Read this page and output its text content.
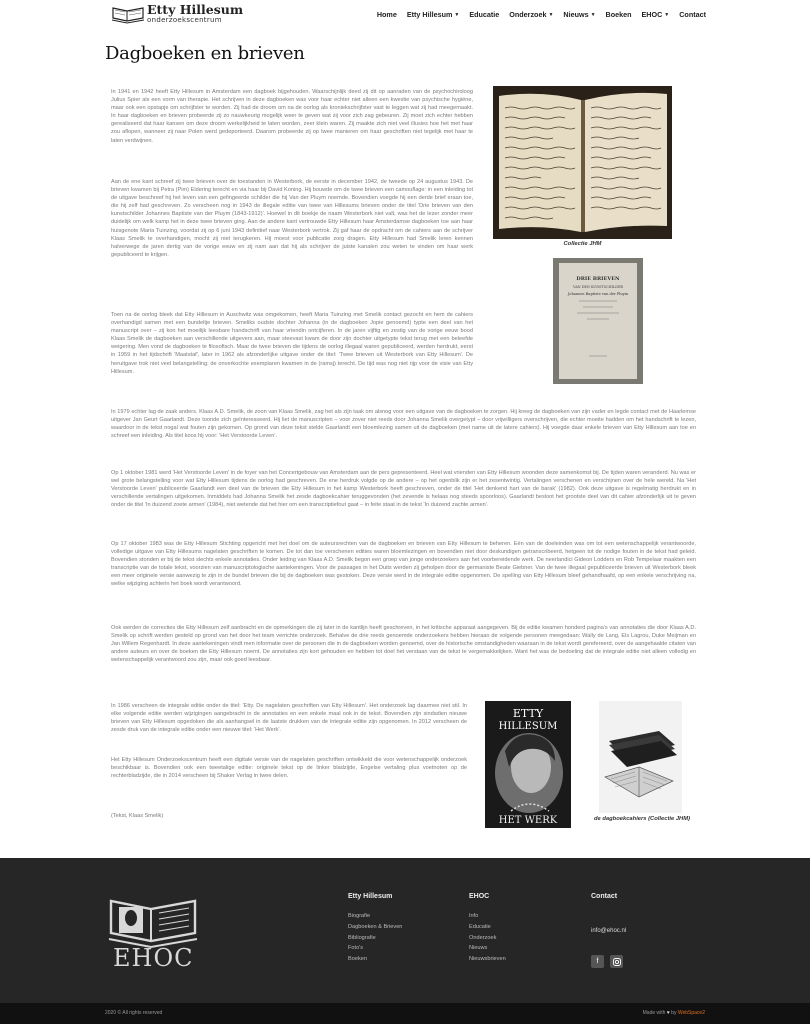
Etty Hillesum
onderzoekscentrum
Home Etty Hillesum ▼ Educatie Onderzoek ▼ Nieuws ▼ Boeken EHOC ▼ Contact
Dagboeken en brieven

In 1941 en 1942 heeft Etty Hillesum in Amsterdam een dagboek bijgehouden. Waarschijnlijk deed zij dit op aanraden van de psychochiroloog Julius Spier als een vorm van therapie. Het schrijven in deze dagboeken was voor haar echter niet alleen een kwestie van psychische hygiëne, maar ook een opstapje om schrijfster te worden. Zij had de droom om na de oorlog als kroniekschrijfster vast te leggen wat zij had meegemaakt. In haar dagboeken en brieven probeerde zij zo nauwkeurig mogelijk weer te geven wat zij voor zich zag gebeuren. Zij moet zich echter hebben gerealiseerd dat haar kansen om deze droom werkelijkheid te laten worden, zeer klein waren. Zij maakte zich niet veel illusies hoe het met haar zou aflopen, wanneer zij naar Polen werd gedeporteerd. Daarom probeerde zij op twee manieren om haar geschriften niet tegelijk met haar te laten verdwijnen.

Aan de ene kant schreef zij twee brieven over de toestanden in Westerbork, de eerste in december 1942, de tweede op 24 augustus 1943. De brieven kwamen bij Petra (Pim) Eldering terecht en via haar bij David Koning. Hij bouwde om de twee brieven een camouflage: in een inleiding tot de uitgave beschreef hij het leven van een gefingeerde schilder die hij Van der Pluym noemde. Bovendien voegde hij een derde brief eraan toe, die hij zelf had geschreven. Zo verscheen nog in 1943 de illegale editie van twee van Hillesums brieven onder de titel 'Drie brieven van den kunstschilder Johannes Baptiste van der Pluym (1843-1912)'. Hoewel in dit boekje de naam Westerbork niet valt, was het de lezer zonder meer duidelijk om welk kamp het in deze twee brieven ging. Aan de andere kant vertrouwde Etty Hillesum haar Amsterdamse dagboeken toe aan haar huisgenote Maria Tuinzing, voordat zij op 6 juni 1943 definitief naar Westerbork vertrok. Zij gaf haar de opdracht om de cahiers aan de schrijver Klaas Smelik te overhandigen, mocht zij niet terugkeren. Hij moest voor publicatie zorg dragen. Etty Hillesum had Smelik leren kennen halverwege de jaren dertig van de vorige eeuw en zij nam aan dat hij als schrijver de juiste kanalen zou weten te vinden om haar werk gepubliceerd te krijgen.

Toen na de oorlog bleek dat Etty Hillesum in Auschwitz was omgekomen, heeft Maria Tuinzing met Smelik contact gezocht en hem de cahiers overhandigd samen met een bundeltje brieven. Smeliks oudste dochter Johanna (in de dagboeken Jopie genoemd) typte een deel van het manuscript over – zij kon het moeilijk leesbare handschrift van haar vriendin ontcijferen. In de jaren vijftig en zestig van de vorige eeuw bood Klaas Smelik de dagboeken aan verschillende uitgevers aan, maar steevast kwam de door zijn dochter uitgetypte tekst terug met een beleefde weigering. Men vond de dagboeken te filosofisch. Maar de twee brieven die tijdens de oorlog illegaal waren gepubliceerd, werden herdrukt, eerst in 1959 in het tijdschrift 'Maatstaf', later in 1962 als afzonderlijke uitgave onder de titel: 'Twee brieven uit Westerbork van Etty Hillesum'. De heruitgave trok niet veel belangstelling; de onverkochte exemplaren kwamen in de (ramsj) terecht. De tijd was nog niet rijp voor de visie van Etty Hillesum.

In 1979 echter lag de zaak anders. Klaas A.D. Smelik, de zoon van Klaas Smelik, zag het als zijn taak om alsnog voor een uitgave van de dagboeken te zorgen. Hij kreeg de dagboeken van zijn vader en legde contact met de Haarlemse uitgever Jan Geurt Gaarlandt. Deze toonde zich geïnteresseerd. Hij liet de manuscripten – voor zover niet reeds door Johanna Smelik overgetypt – door vrijwilligers overschrijven, die echter moeite hadden om het handschrift te lezen, waardoor in de tekst nogal wat fouten zijn gekomen. Op grond van deze tekst stelde Gaarlandt een bloemlezing samen uit de dagboeken (met name uit de latere cahiers). Hij voegde daar enkele brieven van Etty Hillesum aan toe en schreef een inleiding. Als titel koos hij voor: 'Het Verstoorde Leven'.

Op 1 oktober 1981 werd 'Het Verstoorde Leven' in de foyer van het Concertgebouw van Amsterdam aan de pers gepresenteerd. Heel wat vrienden van Etty Hillesum woonden deze samenkomst bij. De tijden waren veranderd. Nu was er wel grote belangstelling voor wat Etty Hillesum tijdens de oorlog had geschreven. De ene herdruk volgde op de andere – op het ogenblik zijn er het zesentwintig. Vertalingen verschenen en verschijnen over de hele wereld. Na 'Het Verstoorde Leven' publiceerde Gaarlandt een deel van de brieven die Etty Hillesum in het kamp Westerbork heeft geschreven, onder de titel 'Het denkend hart van de barak' (1982). Ook deze uitgave is regelmatig herdrukt en in verschillende vertalingen uitgekomen. Inmiddels had Johanna Smelik het zesde dagboekcahier teruggevonden (het zevende is helaas nog steeds spoorloos). Gaarlandt besloot het grootste deel van dit cahier afzonderlijk uit te geven onder de titel 'In duizend zoete armen' (1984), niet wetende dat het hier om een transcriptiefout gaat – in feite staat in de tekst 'In duizend zachte armen'.

Op 17 oktober 1983 was de Etty Hillesum Stichting opgericht met het doel om de auteursrechten van de dagboeken en brieven van Etty Hillesum te beheren. Eén van de doeleinden was om tot een wetenschappelijk verantwoorde, volledige uitgave van Etty Hillesums nagelaten geschriften te komen. De tot dan toe verschenen edities waren bloemlezingen en bovendien niet door deskundigen getranscribeerd, hetgeen tot de nodige fouten in de tekst had geleid. Bovendien stonden er bij de tekst slechts enkele annotaties. Onder leiding van Klaas A.D. Smelik begon een groep van jonge onderzoekers aan het voorbereidende werk. De neerlandici Gideon Lodders en Rob Tempelaar maakten een transcriptie van de totale tekst, voorzien van manuscriptologische aantekeningen. Voor de passages in het Duits werden zij geholpen door de germaniste Beate Giebner. Van de twee illegaal gepubliceerde brieven uit Westerbork bleek een meer originele versie aanwezig te zijn in de bundel brieven die bij de dagboeken was gestoken. Deze versie werd in de integrale editie opgenomen. De spelling van Etty Hillesum bleef gehandhaafd, op een enkele verschrijving na, welke wijziging achterin het boek wordt verantwoord.

Ook werden de correcties die Etty Hillesum zelf aanbracht en de opmerkingen die zij later in de kantlijn heeft geschreven, in het kritische apparaat aangegeven. Bij de editie kwamen honderd pagina's van annotaties die door Klaas A.D. Smelik op schrift werden gesteld op grond van het door het team verrichte onderzoek. Behalve de drie reeds genoemde onderzoekers hebben hieraan de volgende personen meegedaan: Wally de Lang, Els Lagrou, Duke Meijman en Jan Willem Regenhardt. In deze aantekeningen vindt men informatie over de personen die in de dagboeken worden genoemd, over de historische omstandigheden waaraan in de tekst wordt gerefereerd, over de aangehaalde citaten van andere auteurs en over de boeken die Etty Hillesum noemt. De annotaties zijn kort gehouden en hebben tot doel het verstaan van de tekst te vergemakkelijken. Want het was de bedoeling dat de integrale editie niet alleen volledig en wetenschappelijk verantwoord zou zijn, maar ook goed leesbaar.

In 1986 verscheen de integrale editie onder de titel: 'Etty. De nagelaten geschriften van Etty Hillesum'. Het onderzoek lag daarmee niet stil. In elke volgende editie werden wijzigingen aangebracht in de annotaties en een enkele maal ook in de tekst. Bovendien zijn sindsdien nieuwe brieven van Etty Hillesum opgedoken die als aanhangsel in de laatste drukken van de integrale editie zijn opgenomen. In 2012 verscheen de zesde druk van de integrale editie onder een nieuwe titel: 'Het Werk'.

Het Etty Hillesum Onderzoekscentrum heeft een digitale versie van de nagelaten geschriften ontwikkeld die voor wetenschappelijk onderzoek beschikbaar is. Bovendien ook een tweetalige editie: originele tekst op de linker bladzijde, Engelse vertaling plus voetnoten op de rechterbladzijde, die in 2014 verscheen bij Shaker Verlag in twee delen.

(Tekst, Klaas Smelik)

Collectie JHM
DRIE BRIEVEN
VAN DEN KUNSTSCHILDER
Johannes Baptiste van der Pluym
ETTY
HILLESUM
HET WERK	de dagboekcahiers (Collectie JHM)
EHOC
Etty Hillesum
Biografie
Dagboeken & Brieven
Bibliografie
Foto's
Boeken
EHOC
Info
Educatie
Onderzoek
Nieuws
Nieuwsbrieven
Contact
info@ehoc.nl
f
2020 © All rights reserved	Made with ♥ by WebSpace2
